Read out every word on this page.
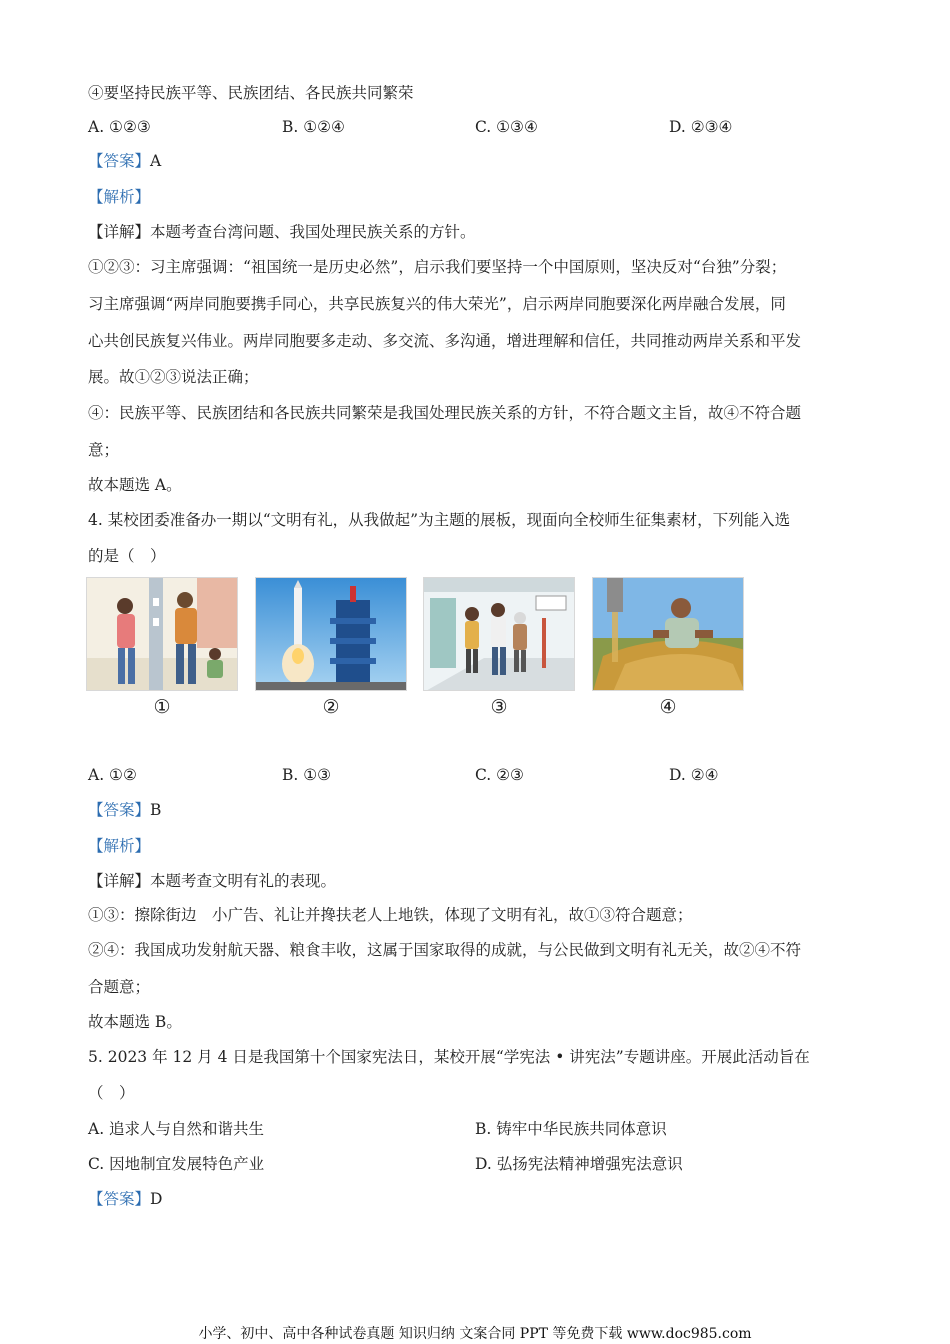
④要坚持民族平等、民族团结、各民族共同繁荣
A. ①②③	B. ①②④	C. ①③④	D. ②③④
【答案】A
【解析】
【详解】本题考查台湾问题、我国处理民族关系的方针。
①②③：习主席强调：“祖国统一是历史必然”，启示我们要坚持一个中国原则，坚决反对“台独”分裂；
习主席强调“两岸同胞要携手同心，共享民族复兴的伟大荣光”，启示两岸同胞要深化两岸融合发展，同
心共创民族复兴伟业。两岸同胞要多走动、多交流、多沟通，增进理解和信任，共同推动两岸关系和平发
展。故①②③说法正确；
④：民族平等、民族团结和各民族共同繁荣是我国处理民族关系的方针，不符合题文主旨，故④不符合题
意；
故本题选 A。
4. 某校团委准备办一期以“文明有礼，从我做起”为主题的展板，现面向全校师生征集素材，下列能入选
的是（　）
①	②	③	④
A. ①②	B. ①③	C. ②③	D. ②④
【答案】B
【解析】
【详解】本题考查文明有礼的表现。
①③：擦除街边　小广告、礼让并搀扶老人上地铁，体现了文明有礼，故①③符合题意；
②④：我国成功发射航天器、粮食丰收，这属于国家取得的成就，与公民做到文明有礼无关，故②④不符
合题意；
故本题选 B。
5. 2023 年 12 月 4 日是我国第十个国家宪法日，某校开展“学宪法 • 讲宪法”专题讲座。开展此活动旨在
（　）
A. 追求人与自然和谐共生	B. 铸牢中华民族共同体意识
C. 因地制宜发展特色产业	D. 弘扬宪法精神增强宪法意识
【答案】D
小学、初中、高中各种试卷真题 知识归纳 文案合同 PPT 等免费下载 www.doc985.com
